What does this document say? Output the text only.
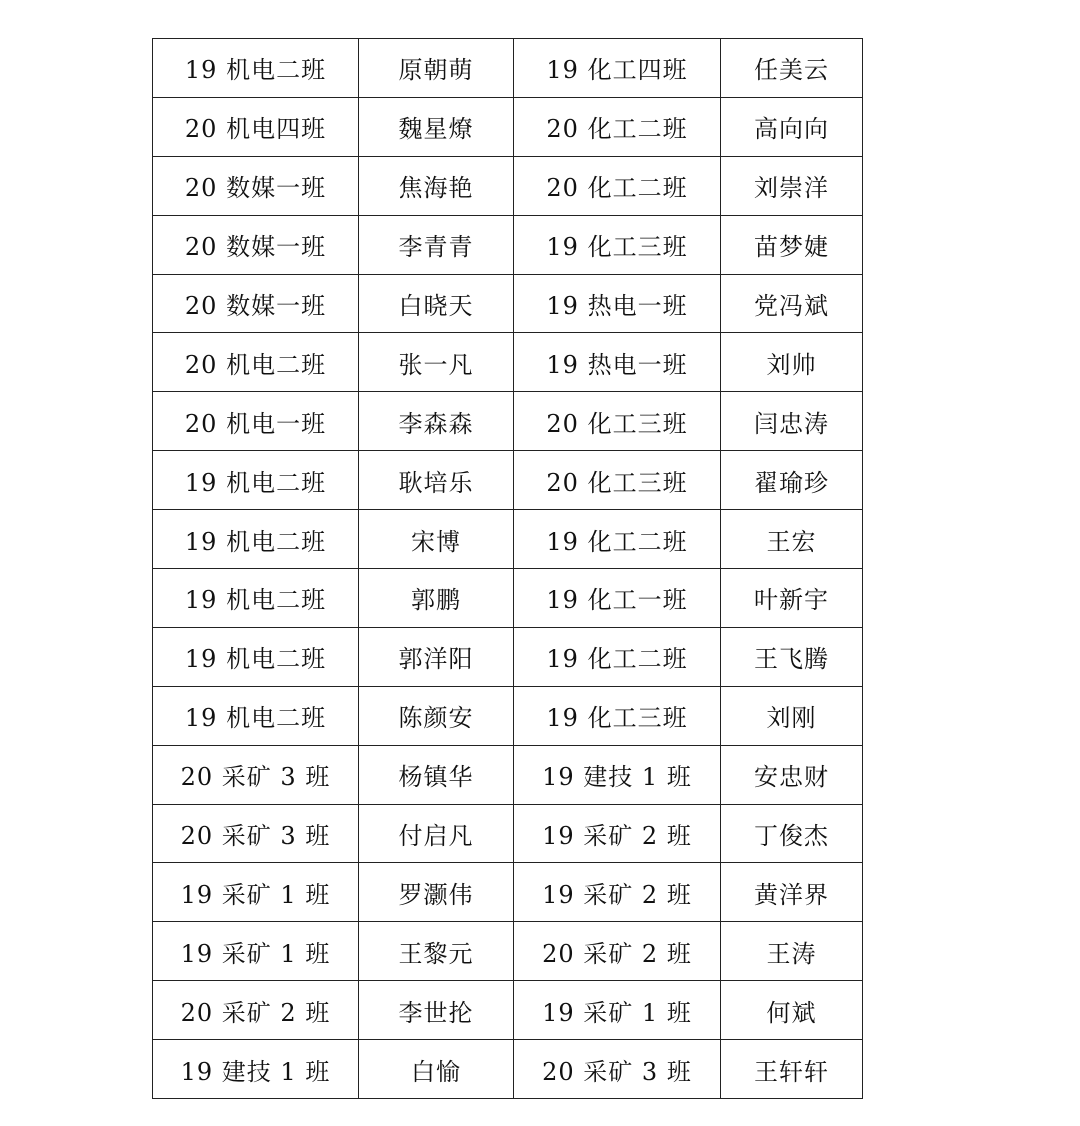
19 机电二班	原朝萌	19 化工四班	任美云
20 机电四班	魏星燎	20 化工二班	高向向
20 数媒一班	焦海艳	20 化工二班	刘崇洋
20 数媒一班	李青青	19 化工三班	苗梦婕
20 数媒一班	白晓天	19 热电一班	党冯斌
20 机电二班	张一凡	19 热电一班	刘帅
20 机电一班	李森森	20 化工三班	闫忠涛
19 机电二班	耿培乐	20 化工三班	翟瑜珍
19 机电二班	宋博	19 化工二班	王宏
19 机电二班	郭鹏	19 化工一班	叶新宇
19 机电二班	郭洋阳	19 化工二班	王飞腾
19 机电二班	陈颜安	19 化工三班	刘刚
20 采矿 3 班	杨镇华	19 建技 1 班	安忠财
20 采矿 3 班	付启凡	19 采矿 2 班	丁俊杰
19 采矿 1 班	罗灏伟	19 采矿 2 班	黄洋界
19 采矿 1 班	王黎元	20 采矿 2 班	王涛
20 采矿 2 班	李世抡	19 采矿 1 班	何斌
19 建技 1 班	白愉	20 采矿 3 班	王轩轩
